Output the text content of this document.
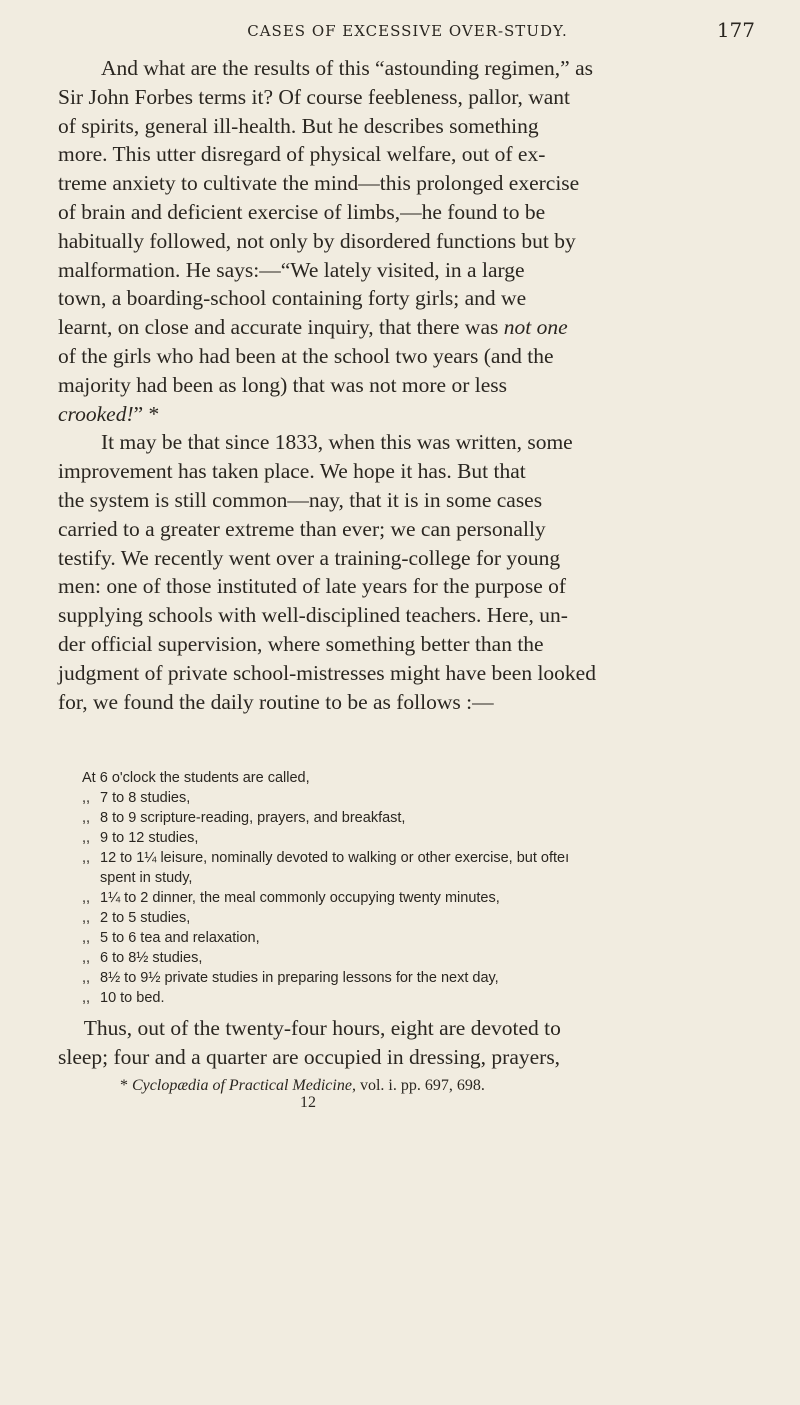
CASES OF EXCESSIVE OVER-STUDY.	177

And what are the results of this “astounding regimen,” as
Sir John Forbes terms it? Of course feebleness, pallor, want
of spirits, general ill-health. But he describes something
more. This utter disregard of physical welfare, out of ex-
treme anxiety to cultivate the mind—this prolonged exercise
of brain and deficient exercise of limbs,—he found to be
habitually followed, not only by disordered functions but by
malformation. He says:—“We lately visited, in a large
town, a boarding-school containing forty girls; and we
learnt, on close and accurate inquiry, that there was not one
of the girls who had been at the school two years (and the
majority had been as long) that was not more or less
crooked!” *

It may be that since 1833, when this was written, some
improvement has taken place. We hope it has. But that
the system is still common—nay, that it is in some cases
carried to a greater extreme than ever; we can personally
testify. We recently went over a training-college for young
men: one of those instituted of late years for the purpose of
supplying schools with well-disciplined teachers. Here, un-
der official supervision, where something better than the
judgment of private school-mistresses might have been looked
for, we found the daily routine to be as follows :—

At 6 o'clock the students are called,
,, 7 to 8 studies,
,, 8 to 9 scripture-reading, prayers, and breakfast,
,, 9 to 12 studies,
,, 12 to 1¼ leisure, nominally devoted to walking or other exercise, but ofteı
spent in study,
,, 1¼ to 2 dinner, the meal commonly occupying twenty minutes,
,, 2 to 5 studies,
,, 5 to 6 tea and relaxation,
,, 6 to 8½ studies,
,, 8½ to 9½ private studies in preparing lessons for the next day,
,, 10 to bed.
Thus, out of the twenty-four hours, eight are devoted to
sleep; four and a quarter are occupied in dressing, prayers,
* Cyclopædia of Practical Medicine, vol. i. pp. 697, 698.
12
